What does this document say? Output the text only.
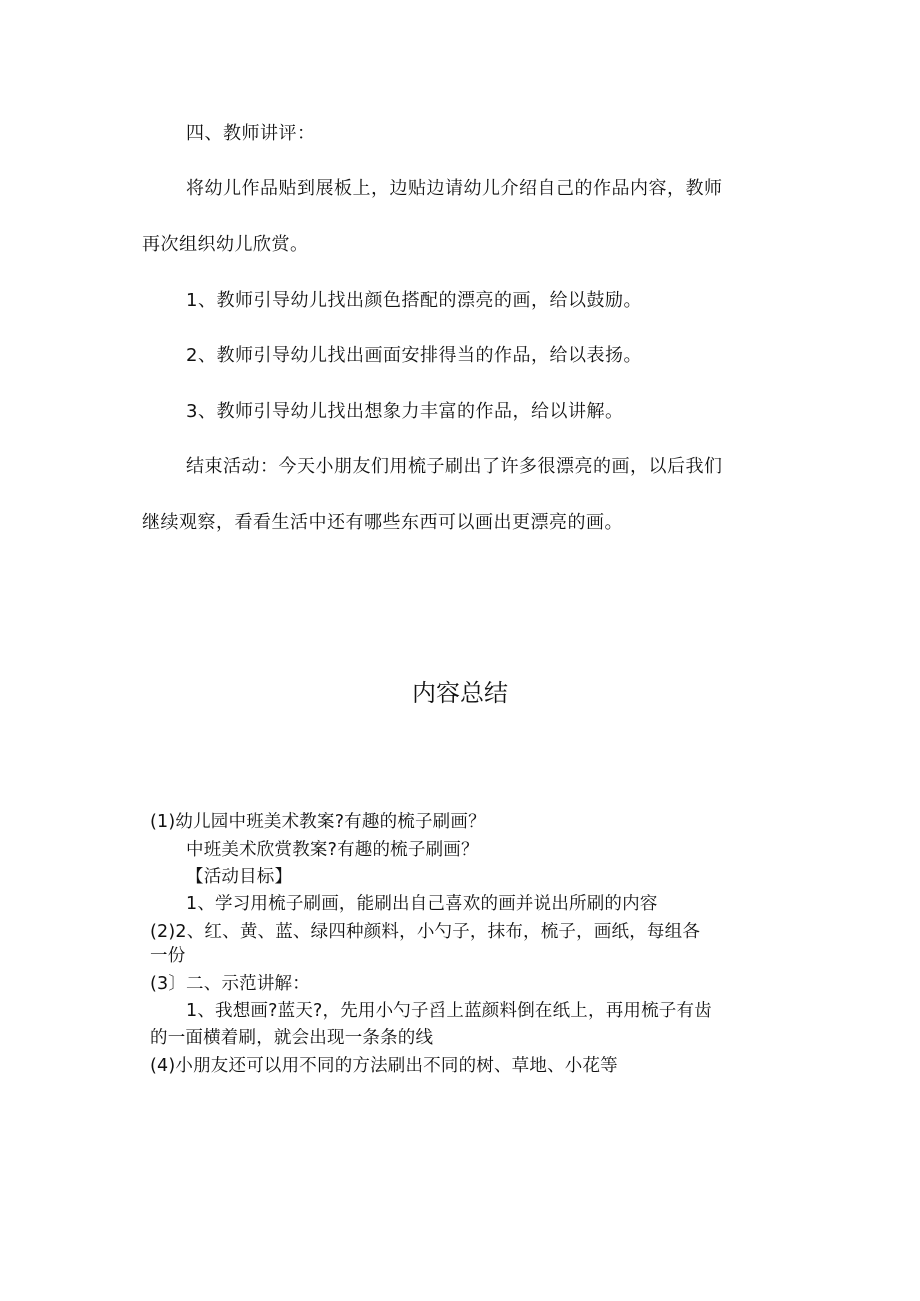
四、教师讲评：
将幼儿作品贴到展板上，边贴边请幼儿介绍自己的作品内容，教师
再次组织幼儿欣赏。
1、教师引导幼儿找出颜色搭配的漂亮的画，给以鼓励。
2、教师引导幼儿找出画面安排得当的作品，给以表扬。
3、教师引导幼儿找出想象力丰富的作品，给以讲解。
结束活动：今天小朋友们用梳子刷出了许多很漂亮的画，以后我们
继续观察，看看生活中还有哪些东西可以画出更漂亮的画。
内容总结
(1)幼儿园中班美术教案?有趣的梳子刷画？
中班美术欣赏教案?有趣的梳子刷画？
【活动目标】
1、学习用梳子刷画，能刷出自己喜欢的画并说出所刷的内容
(2)2、红、黄、蓝、绿四种颜料，小勺子，抹布，梳子，画纸，每组各
一份
(3〕二、示范讲解：
1、我想画?蓝天?，先用小勺子舀上蓝颜料倒在纸上，再用梳子有齿
的一面横着刷，就会出现一条条的线
(4)小朋友还可以用不同的方法刷出不同的树、草地、小花等
